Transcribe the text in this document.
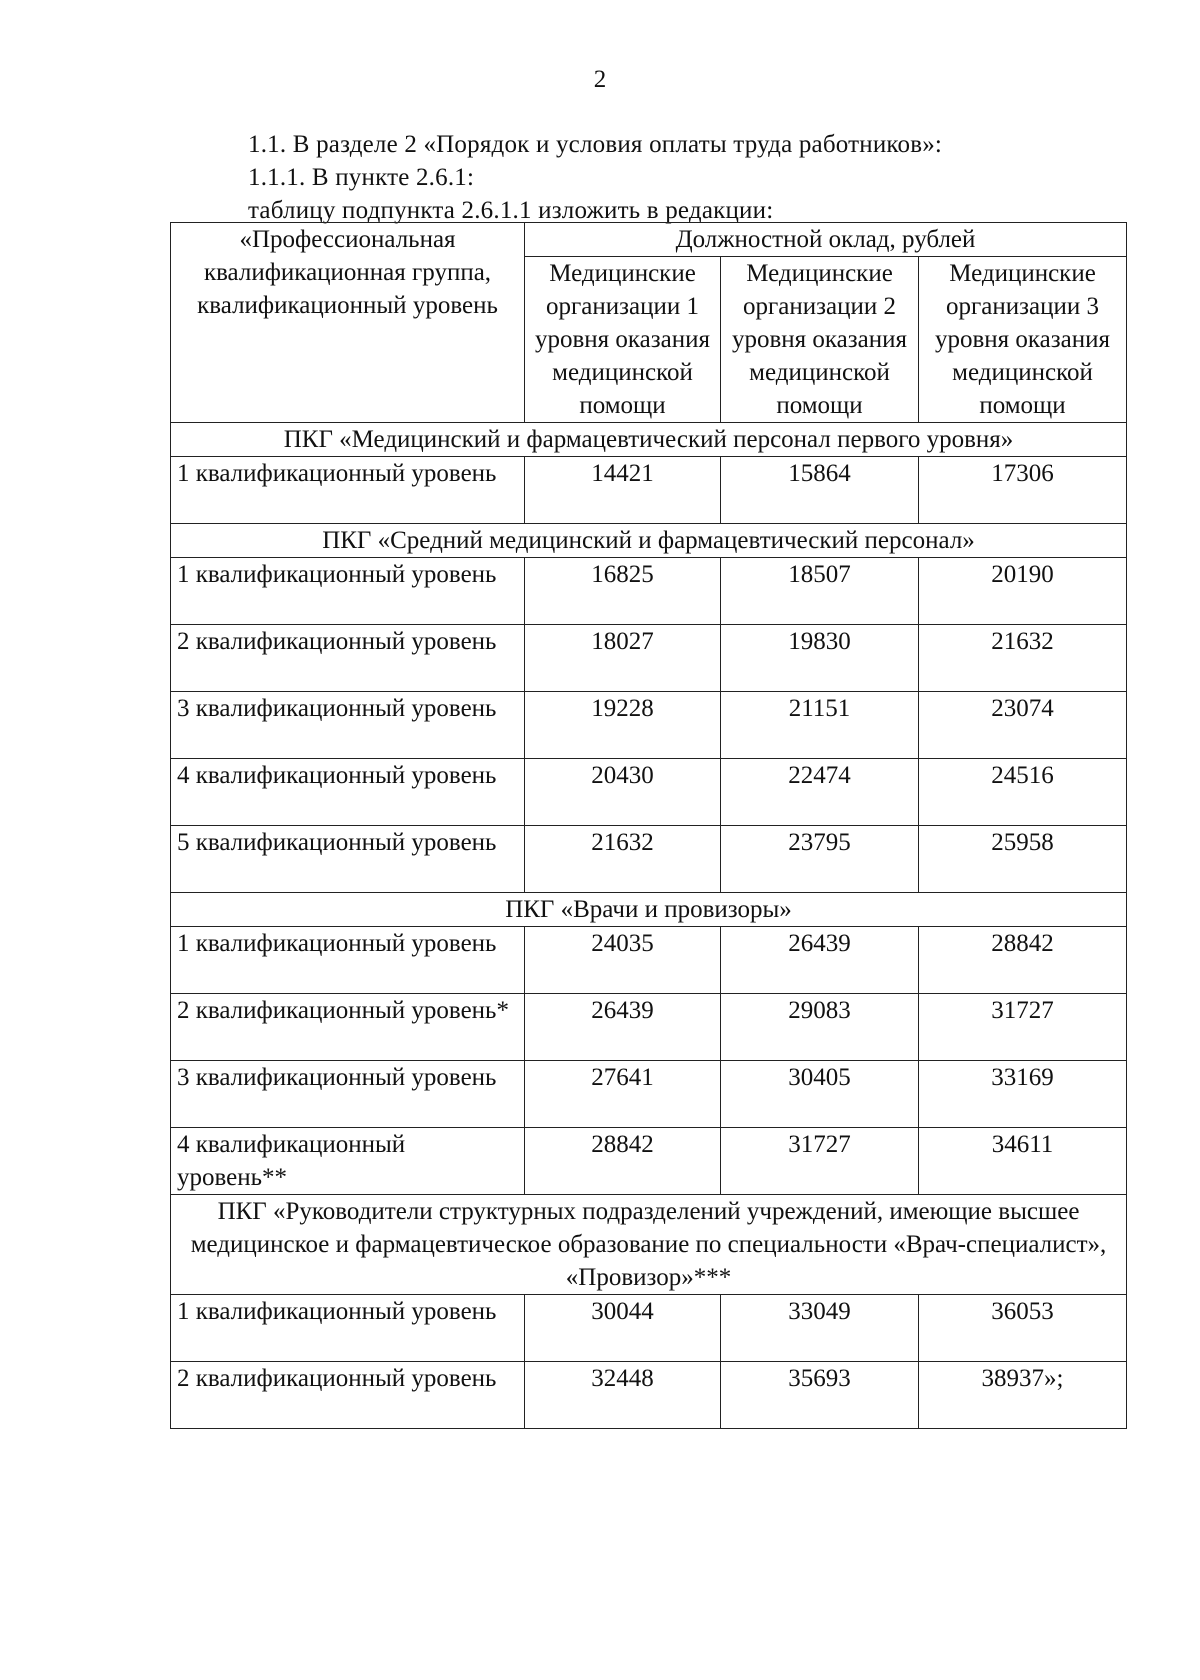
2
1.1. В разделе 2 «Порядок и условия оплаты труда работников»:
1.1.1. В пункте 2.6.1:
таблицу подпункта 2.6.1.1 изложить в редакции:
«Профессиональная квалификационная группа, квалификационный уровень	Должностной оклад, рублей		
	Медицинские организации 1 уровня оказания медицинской помощи	Медицинские организации 2 уровня оказания медицинской помощи	Медицинские организации 3 уровня оказания медицинской помощи
ПКГ «Медицинский и фармацевтический персонал первого уровня»			
1 квалификационный уровень	14421	15864	17306
ПКГ «Средний медицинский и фармацевтический персонал»			
1 квалификационный уровень	16825	18507	20190
2 квалификационный уровень	18027	19830	21632
3 квалификационный уровень	19228	21151	23074
4 квалификационный уровень	20430	22474	24516
5 квалификационный уровень	21632	23795	25958
ПКГ «Врачи и провизоры»			
1 квалификационный уровень	24035	26439	28842
2 квалификационный уровень*	26439	29083	31727
3 квалификационный уровень	27641	30405	33169
4 квалификационный уровень**	28842	31727	34611
ПКГ «Руководители структурных подразделений учреждений, имеющие высшее медицинское и фармацевтическое образование по специальности «Врач-специалист», «Провизор»***			
1 квалификационный уровень	30044	33049	36053
2 квалификационный уровень	32448	35693	38937»;
